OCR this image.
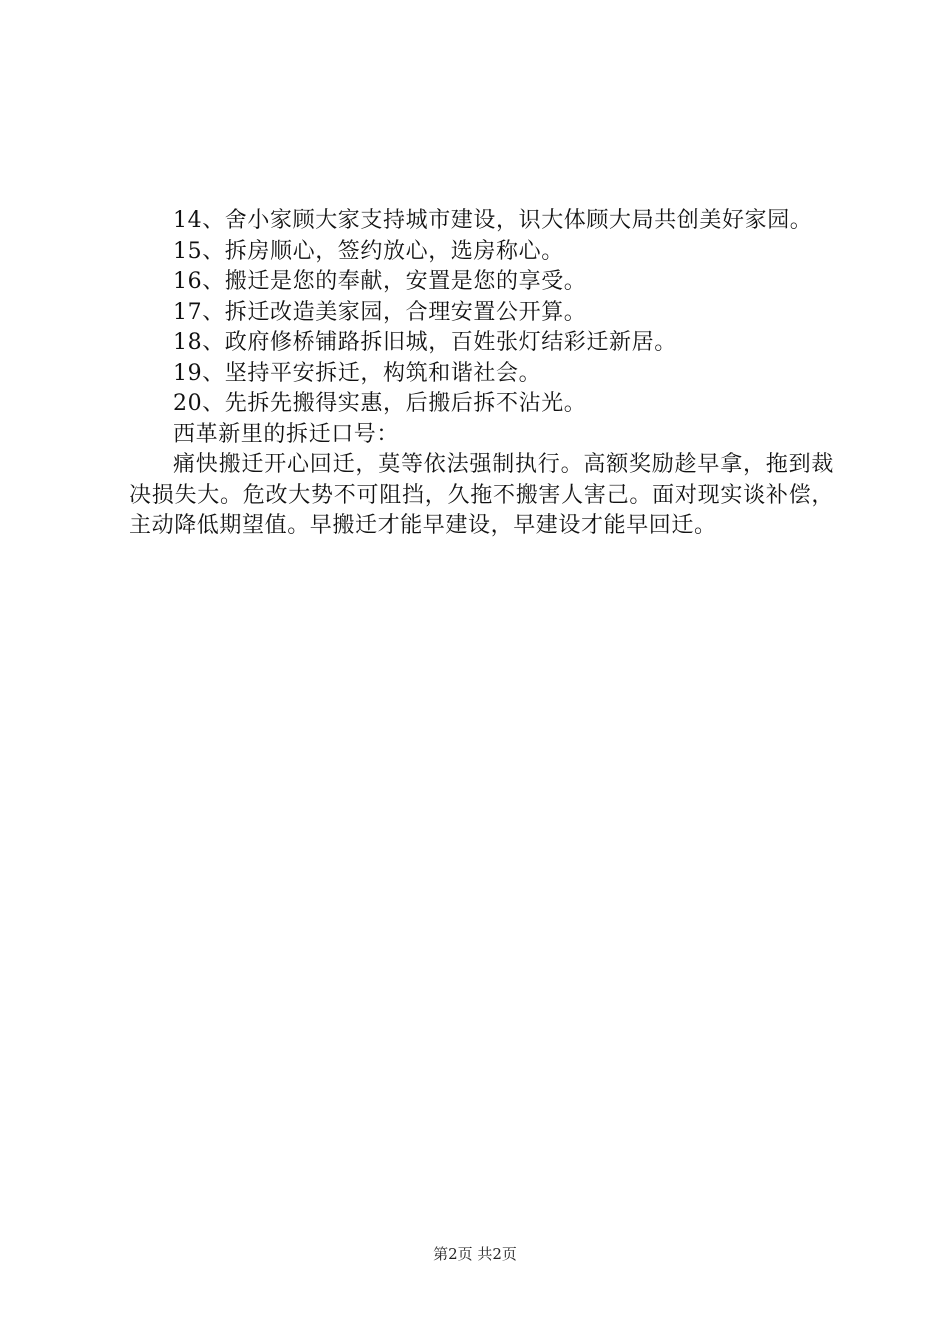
14、舍小家顾大家支持城市建设，识大体顾大局共创美好家园。

15、拆房顺心，签约放心，选房称心。

16、搬迁是您的奉献，安置是您的享受。

17、拆迁改造美家园，合理安置公开算。

18、政府修桥铺路拆旧城，百姓张灯结彩迁新居。

19、坚持平安拆迁，构筑和谐社会。

20、先拆先搬得实惠，后搬后拆不沾光。

西革新里的拆迁口号：

痛快搬迁开心回迁，莫等依法强制执行。高额奖励趁早拿，拖到裁决损失大。危改大势不可阻挡，久拖不搬害人害己。面对现实谈补偿，主动降低期望值。早搬迁才能早建设，早建设才能早回迁。

第2页 共2页
